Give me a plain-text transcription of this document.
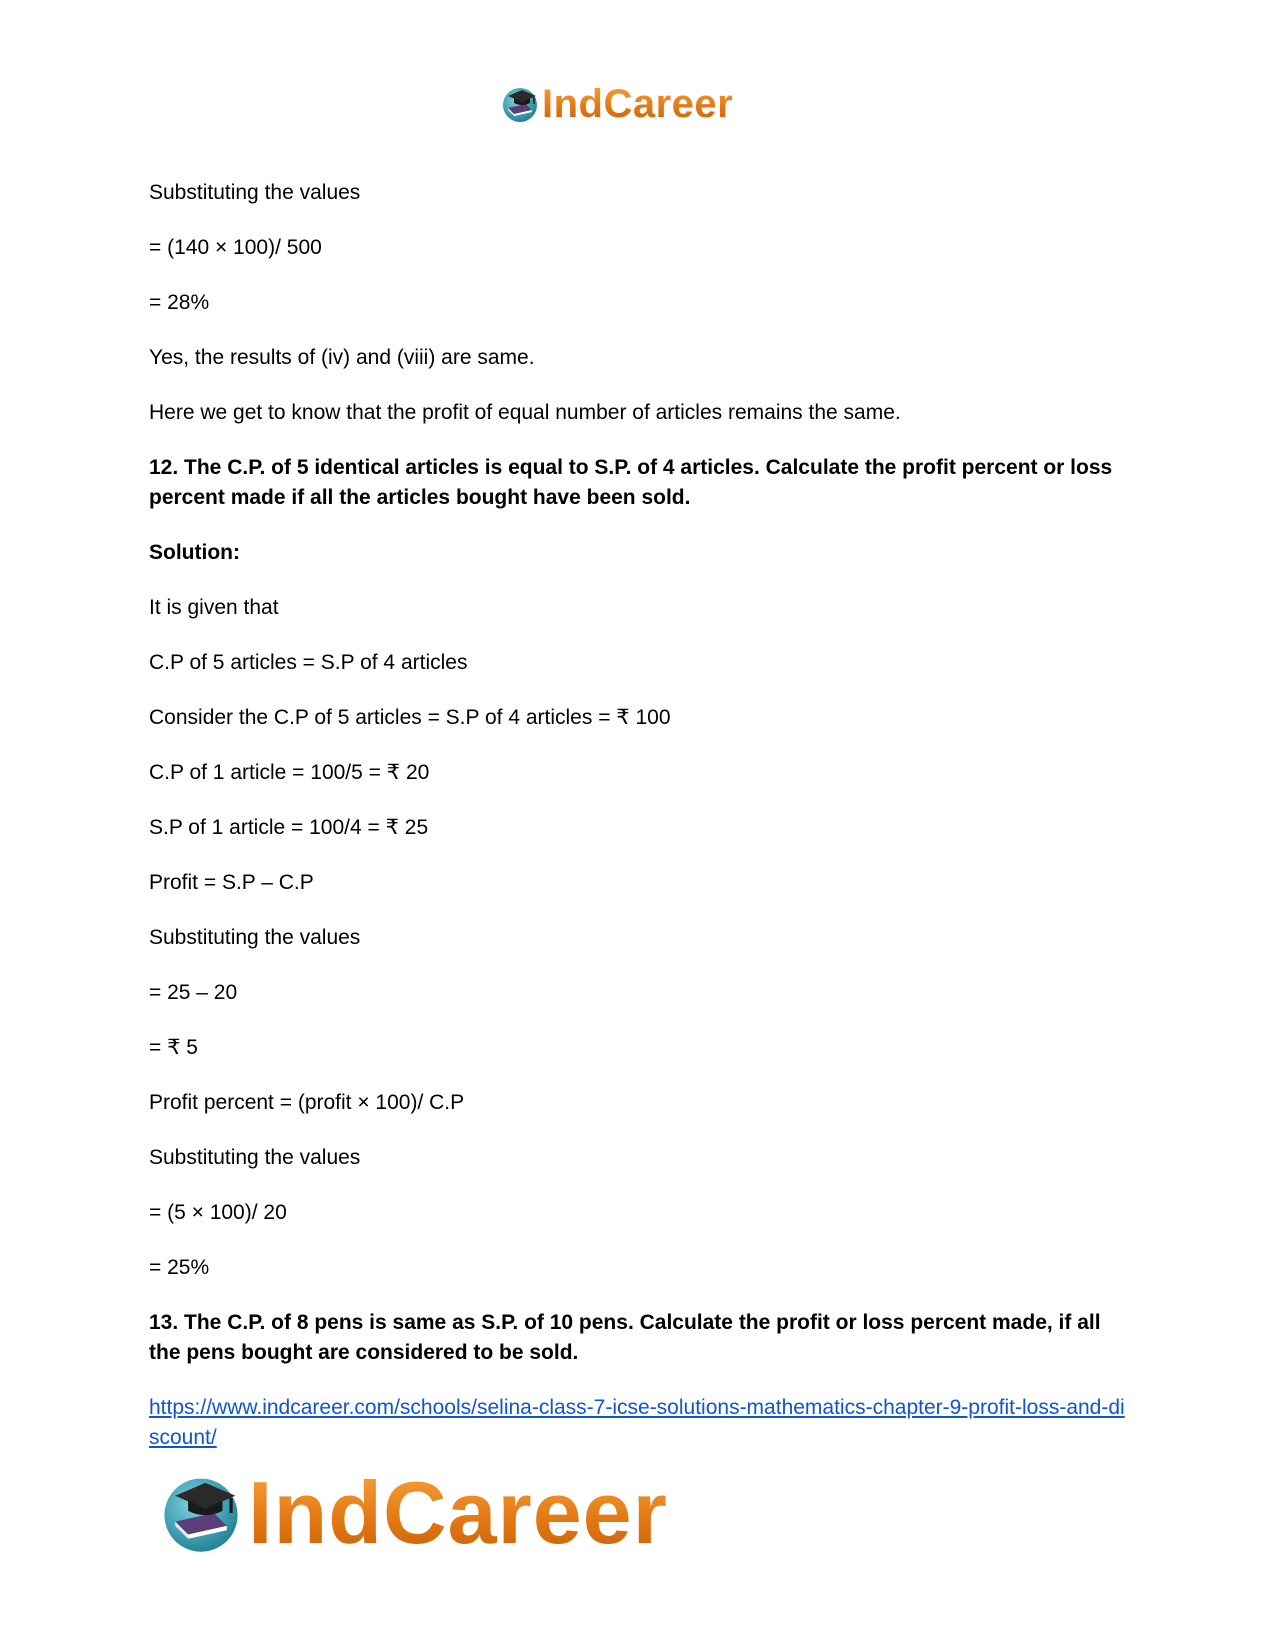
IndCareer

Substituting the values

= (140 × 100)/ 500

= 28%

Yes, the results of (iv) and (viii) are same.

Here we get to know that the profit of equal number of articles remains the same.

12. The C.P. of 5 identical articles is equal to S.P. of 4 articles. Calculate the profit percent or loss percent made if all the articles bought have been sold.

Solution:

It is given that

C.P of 5 articles = S.P of 4 articles

Consider the C.P of 5 articles = S.P of 4 articles = ₹ 100

C.P of 1 article = 100/5 = ₹ 20

S.P of 1 article = 100/4 = ₹ 25

Profit = S.P – C.P

Substituting the values

= 25 – 20

= ₹ 5

Profit percent = (profit × 100)/ C.P

Substituting the values

= (5 × 100)/ 20

= 25%

13. The C.P. of 8 pens is same as S.P. of 10 pens. Calculate the profit or loss percent made, if all the pens bought are considered to be sold.

https://www.indcareer.com/schools/selina-class-7-icse-solutions-mathematics-chapter-9-profit-loss-and-discount/

IndCareer
